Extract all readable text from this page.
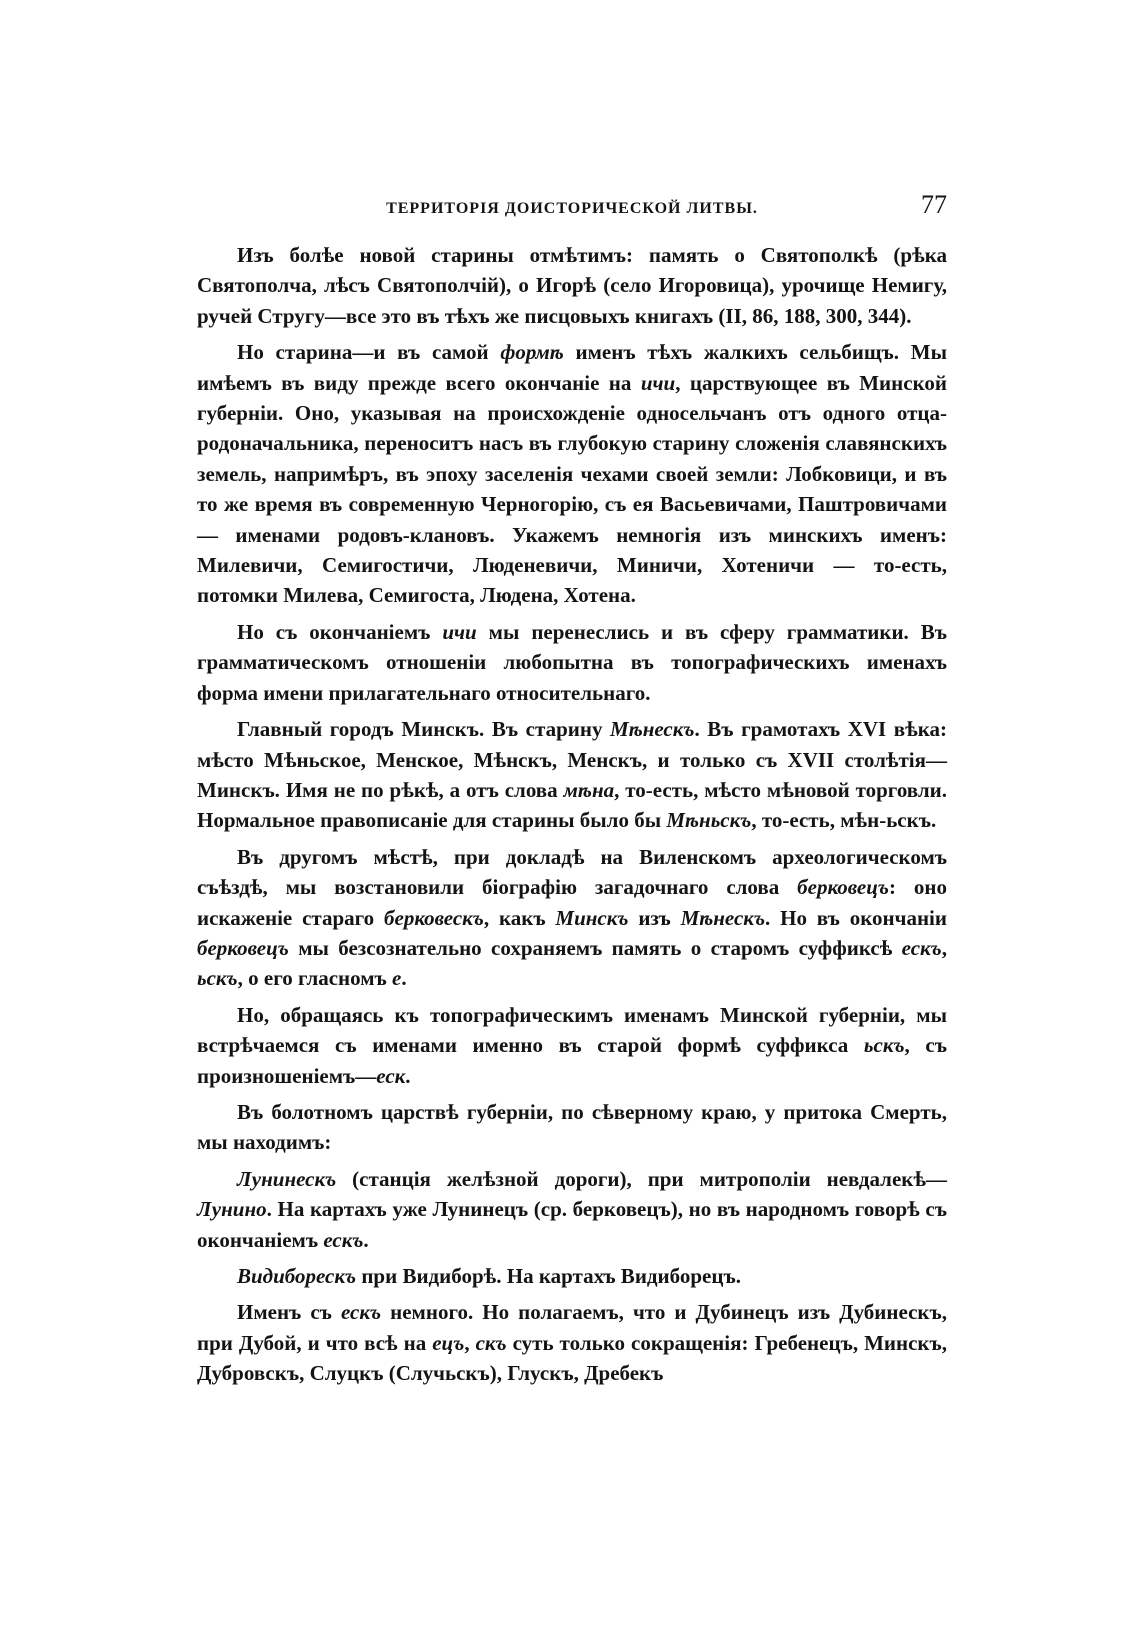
ТЕРРИТОРІЯ ДОИСТОРИЧЕСКОЙ ЛИТВЫ.	77

Изъ болѣе новой старины отмѣтимъ: память о Святополкѣ (рѣка Святополча, лѣсъ Святополчій), о Игорѣ (село Игоровица), урочище Немигу, ручей Стругу—все это въ тѣхъ же писцовыхъ книгахъ (II, 86, 188, 300, 344).

Но старина—и въ самой формѣ именъ тѣхъ жалкихъ сельбищъ. Мы имѣемъ въ виду прежде всего окончаніе на ичи, царствующее въ Минской губерніи. Оно, указывая на происхожденіе односельчанъ отъ одного отца-родоначальника, переноситъ насъ въ глубокую старину сложенія славянскихъ земель, напримѣръ, въ эпоху заселенія чехами своей земли: Лобковици, и въ то же время въ современную Черногорію, съ ея Васьевичами, Паштровичами — именами родовъ-клановъ. Укажемъ немногія изъ минскихъ именъ: Милевичи, Семигостичи, Люденевичи, Миничи, Хотеничи — то-есть, потомки Милева, Семигоста, Людена, Хотена.

Но съ окончаніемъ ичи мы перенеслись и въ сферу грамматики. Въ грамматическомъ отношеніи любопытна въ топографическихъ именахъ форма имени прилагательнаго относительнаго.

Главный городъ Минскъ. Въ старину Мѣнескъ. Въ грамотахъ XVI вѣка: мѣсто Мѣньское, Менское, Мѣнскъ, Менскъ, и только съ XVII столѣтія—Минскъ. Имя не по рѣкѣ, а отъ слова мѣна, то-есть, мѣсто мѣновой торговли. Нормальное правописаніе для старины было бы Мѣньскъ, то-есть, мѣн-ьскъ.

Въ другомъ мѣстѣ, при докладѣ на Виленскомъ археологическомъ съѣздѣ, мы возстановили біографію загадочнаго слова берковецъ: оно искаженіе стараго берковескъ, какъ Минскъ изъ Мѣнескъ. Но въ окончаніи берковецъ мы безсознательно сохраняемъ память о старомъ суффиксѣ ескъ, ьскъ, о его гласномъ е.

Но, обращаясь къ топографическимъ именамъ Минской губерніи, мы встрѣчаемся съ именами именно въ старой формѣ суффикса ьскъ, съ произношеніемъ—еск.

Въ болотномъ царствѣ губерніи, по сѣверному краю, у притока Смерть, мы находимъ:

Лунинескъ (станція желѣзной дороги), при митрополіи невдалекѣ— Лунино. На картахъ уже Лунинецъ (ср. берковецъ), но въ народномъ говорѣ съ окончаніемъ ескъ.

Видиборескъ при Видиборѣ. На картахъ Видиборецъ.

Именъ съ ескъ немного. Но полагаемъ, что и Дубинецъ изъ Дубинескъ, при Дубой, и что всѣ на ецъ, скъ суть только сокращенія: Гребенецъ, Минскъ, Дубровскъ, Слуцкъ (Случьскъ), Глускъ, Дребекъ
